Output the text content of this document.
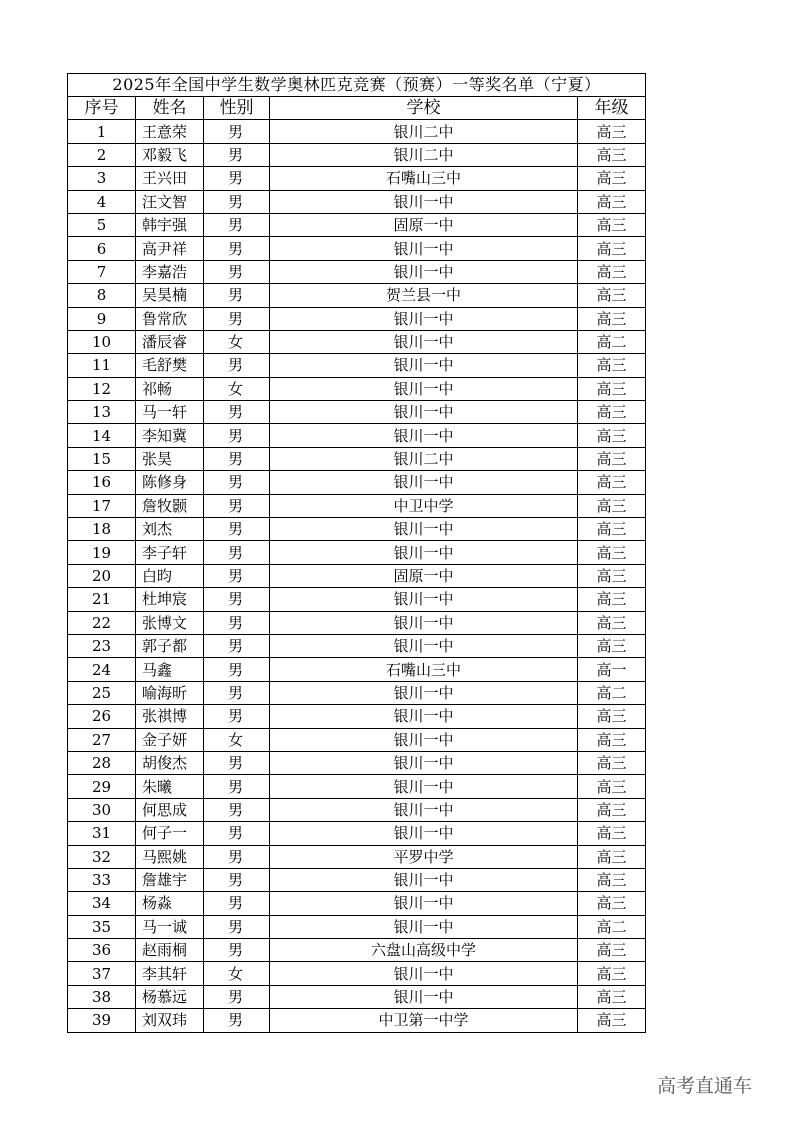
2025年全国中学生数学奥林匹克竞赛（预赛）一等奖名单（宁夏）				
序号	姓名	性别	学校	年级
1	王意荣	男	银川二中	高三
2	邓毅飞	男	银川二中	高三
3	王兴田	男	石嘴山三中	高三
4	汪文智	男	银川一中	高三
5	韩宇强	男	固原一中	高三
6	高尹祥	男	银川一中	高三
7	李嘉浩	男	银川一中	高三
8	吴昊楠	男	贺兰县一中	高三
9	鲁常欣	男	银川一中	高三
10	潘辰睿	女	银川一中	高二
11	毛舒樊	男	银川一中	高三
12	祁畅	女	银川一中	高三
13	马一轩	男	银川一中	高三
14	李知冀	男	银川一中	高三
15	张昊	男	银川二中	高三
16	陈修身	男	银川一中	高三
17	詹牧颢	男	中卫中学	高三
18	刘杰	男	银川一中	高三
19	李子轩	男	银川一中	高三
20	白昀	男	固原一中	高三
21	杜坤宸	男	银川一中	高三
22	张博文	男	银川一中	高三
23	郭子都	男	银川一中	高三
24	马鑫	男	石嘴山三中	高一
25	喻海昕	男	银川一中	高二
26	张祺博	男	银川一中	高三
27	金子妍	女	银川一中	高三
28	胡俊杰	男	银川一中	高三
29	朱曦	男	银川一中	高三
30	何思成	男	银川一中	高三
31	何子一	男	银川一中	高三
32	马熙姚	男	平罗中学	高三
33	詹雄宇	男	银川一中	高三
34	杨淼	男	银川一中	高三
35	马一诚	男	银川一中	高二
36	赵雨桐	男	六盘山高级中学	高三
37	李其轩	女	银川一中	高三
38	杨慕远	男	银川一中	高三
39	刘双玮	男	中卫第一中学	高三
高考直通车
